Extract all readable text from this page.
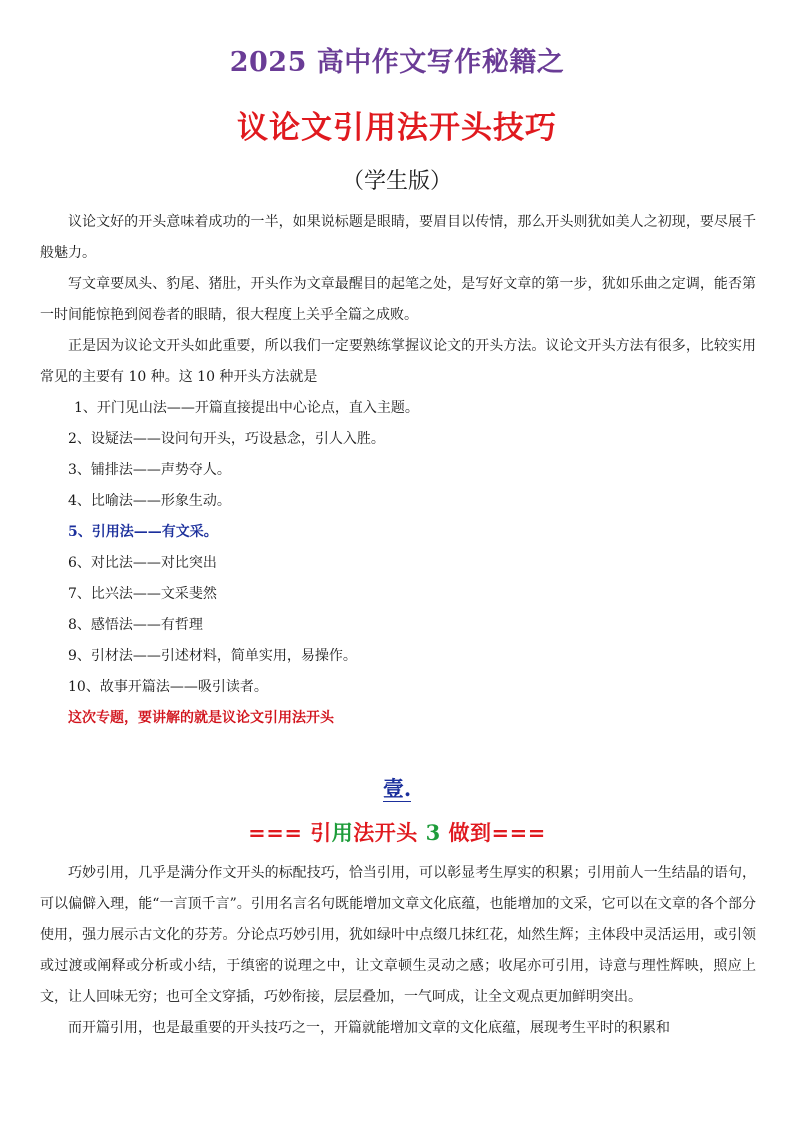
2025 高中作文写作秘籍之
议论文引用法开头技巧
（学生版）

议论文好的开头意味着成功的一半，如果说标题是眼睛，要眉目以传情，那么开头则犹如美人之初现，要尽展千般魅力。

写文章要凤头、豹尾、猪肚，开头作为文章最醒目的起笔之处，是写好文章的第一步，犹如乐曲之定调，能否第一时间能惊艳到阅卷者的眼睛，很大程度上关乎全篇之成败。

正是因为议论文开头如此重要，所以我们一定要熟练掌握议论文的开头方法。议论文开头方法有很多，比较实用常见的主要有 10 种。这 10 种开头方法就是

1、开门见山法——开篇直接提出中心论点，直入主题。

2、设疑法——设问句开头，巧设悬念，引人入胜。

3、铺排法——声势夺人。

4、比喻法——形象生动。

5、引用法——有文采。

6、对比法——对比突出

7、比兴法——文采斐然

8、感悟法——有哲理

9、引材法——引述材料，简单实用，易操作。

10、故事开篇法——吸引读者。

这次专题，要讲解的就是议论文引用法开头

壹.
=== 引用法开头 3 做到===

巧妙引用，几乎是满分作文开头的标配技巧，恰当引用，可以彰显考生厚实的积累；引用前人一生结晶的语句，可以偏僻入理，能“一言顶千言”。引用名言名句既能增加文章文化底蕴，也能增加的文采，它可以在文章的各个部分使用，强力展示古文化的芬芳。分论点巧妙引用，犹如绿叶中点缀几抹红花，灿然生辉；主体段中灵活运用，或引领或过渡或阐释或分析或小结，于缜密的说理之中，让文章顿生灵动之感；收尾亦可引用，诗意与理性辉映，照应上文，让人回味无穷；也可全文穿插，巧妙衔接，层层叠加，一气呵成，让全文观点更加鲜明突出。

而开篇引用，也是最重要的开头技巧之一，开篇就能增加文章的文化底蕴，展现考生平时的积累和
